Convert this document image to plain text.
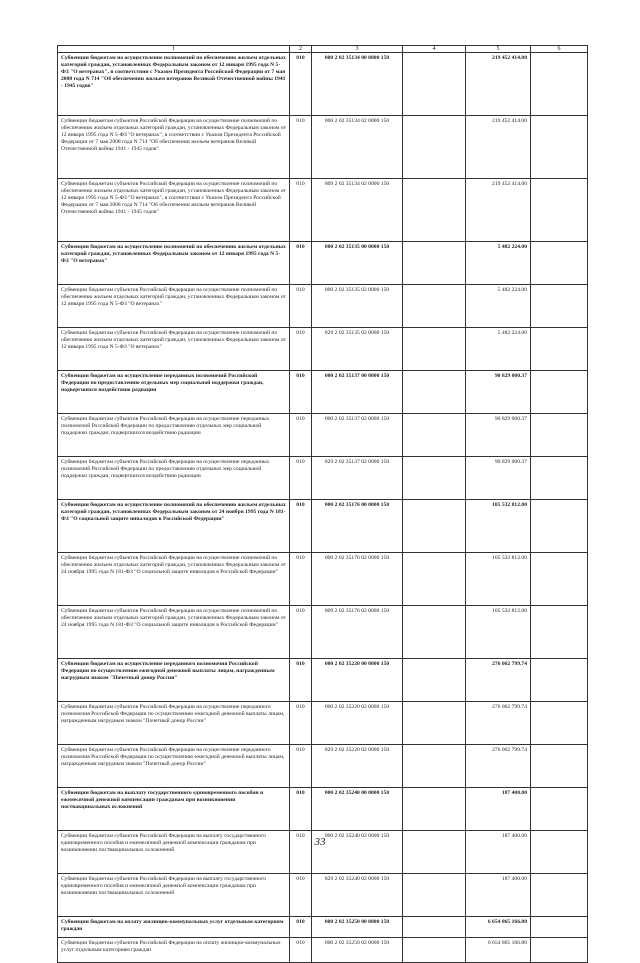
1	2	3	4	5	6
Субвенции бюджетам на осуществление полномочий по обеспечению жильем отдельных категорий граждан, установленных Федеральным законом от 12 января 1995 года N 5-ФЗ "О ветеранах", в соответствии с Указом Президента Российской Федерации от 7 мая 2008 года N 714 "Об обеспечении жильем ветеранов Великой Отечественной войны 1941 - 1945 годов"	010	000 2 02 35134 00 0000 150		219 452 414.00	
Субвенции бюджетам субъектов Российской Федерации на осуществление полномочий по обеспечению жильем отдельных категорий граждан, установленных Федеральным законом от 12 января 1995 года N 5-ФЗ "О ветеранах", в соответствии с Указом Президента Российской Федерации от 7 мая 2008 года N 714 "Об обеспечении жильем ветеранов Великой Отечественной войны 1941 - 1945 годов"	010	000 2 02 35134 02 0000 150		219 452 414.00	
Субвенции бюджетам субъектов Российской Федерации на осуществление полномочий по обеспечению жильем отдельных категорий граждан, установленных Федеральным законом от 12 января 1995 года N 5-ФЗ "О ветеранах", в соответствии с Указом Президента Российской Федерации от 7 мая 2008 года N 714 "Об обеспечении жильем ветеранов Великой Отечественной войны 1941 - 1945 годов"	010	809 2 02 35134 02 0000 150		219 452 414.00	
Субвенции бюджетам на осуществление полномочий по обеспечению жильем отдельных категорий граждан, установленных Федеральным законом от 12 января 1995 года N 5-ФЗ "О ветеранах"	010	000 2 02 35135 00 0000 150		5 482 224.00	
Субвенции бюджетам субъектов Российской Федерации на осуществление полномочий по обеспечению жильем отдельных категорий граждан, установленных Федеральным законом от 12 января 1995 года N 5-ФЗ "О ветеранах"	010	000 2 02 35135 02 0000 150		5 482 224.00	
Субвенции бюджетам субъектов Российской Федерации на осуществление полномочий по обеспечению жильем отдельных категорий граждан, установленных Федеральным законом от 12 января 1995 года N 5-ФЗ "О ветеранах"	010	829 2 02 35135 02 0000 150		5 482 224.00	
Субвенции бюджетам на осуществление переданных полномочий Российской Федерации по предоставлению отдельных мер социальной поддержки граждан, подвергшихся воздействию радиации	010	000 2 02 35137 00 0000 150		90 829 000.37	
Субвенции бюджетам субъектов Российской Федерации на осуществление переданных полномочий Российской Федерации по предоставлению отдельных мер социальной поддержки граждан, подвергшихся воздействию радиации	010	000 2 02 35137 02 0000 150		90 829 000.37	
Субвенции бюджетам субъектов Российской Федерации на осуществление переданных полномочий Российской Федерации по предоставлению отдельных мер социальной поддержки граждан, подвергшихся воздействию радиации	010	829 2 02 35137 02 0000 150		90 829 000.37	
Субвенции бюджетам на осуществление полномочий по обеспечению жильем отдельных категорий граждан, установленных Федеральным законом от 24 ноября 1995 года N 181-ФЗ "О социальной защите инвалидов в Российской Федерации"	010	000 2 02 35176 00 0000 150		105 532 812.00	
Субвенции бюджетам субъектов Российской Федерации на осуществление полномочий по обеспечению жильем отдельных категорий граждан, установленных Федеральным законом от 24 ноября 1995 года N 181-ФЗ "О социальной защите инвалидов в Российской Федерации"	010	000 2 02 35176 02 0000 150		105 532 812.00	
Субвенции бюджетам субъектов Российской Федерации на осуществление полномочий по обеспечению жильем отдельных категорий граждан, установленных Федеральным законом от 24 ноября 1995 года N 181-ФЗ "О социальной защите инвалидов в Российской Федерации"	010	809 2 02 35176 02 0000 150		105 532 812.00	
Субвенции бюджетам на осуществление переданного полномочия Российской Федерации по осуществлению ежегодной денежной выплаты лицам, награжденным нагрудным знаком "Почетный донор России"	010	000 2 02 35220 00 0000 150		276 062 799.74	
Субвенции бюджетам субъектов Российской Федерации на осуществление переданного полномочия Российской Федерации по осуществлению ежегодной денежной выплаты лицам, награжденным нагрудным знаком "Почетный донор России"	010	000 2 02 35220 02 0000 150		276 062 799.74	
Субвенции бюджетам субъектов Российской Федерации на осуществление переданного полномочия Российской Федерации по осуществлению ежегодной денежной выплаты лицам, награжденным нагрудным знаком "Почетный донор России"	010	829 2 02 35220 02 0000 150		276 062 799.74	
Субвенции бюджетам на выплату государственного единовременного пособия и ежемесячной денежной компенсации гражданам при возникновении поствакцинальных осложнений	010	000 2 02 35240 00 0000 150		187 400.00	
Субвенции бюджетам субъектов Российской Федерации на выплату государственного единовременного пособия и ежемесячной денежной компенсации гражданам при возникновении поствакцинальных осложнений	010	000 2 02 35240 02 0000 150		187 400.00	
Субвенции бюджетам субъектов Российской Федерации на выплату государственного единовременного пособия и ежемесячной денежной компенсации гражданам при возникновении поствакцинальных осложнений	010	829 2 02 35240 02 0000 150		187 400.00	
Субвенции бюджетам на оплату жилищно-коммунальных услуг отдельным категориям граждан	010	000 2 02 35250 00 0000 150		6 654 865 166.80	
Субвенции бюджетам субъектов Российской Федерации на оплату жилищно-коммунальных услуг отдельным категориям граждан	010	000 2 02 35250 02 0000 150		6 654 865 166.80	
33
